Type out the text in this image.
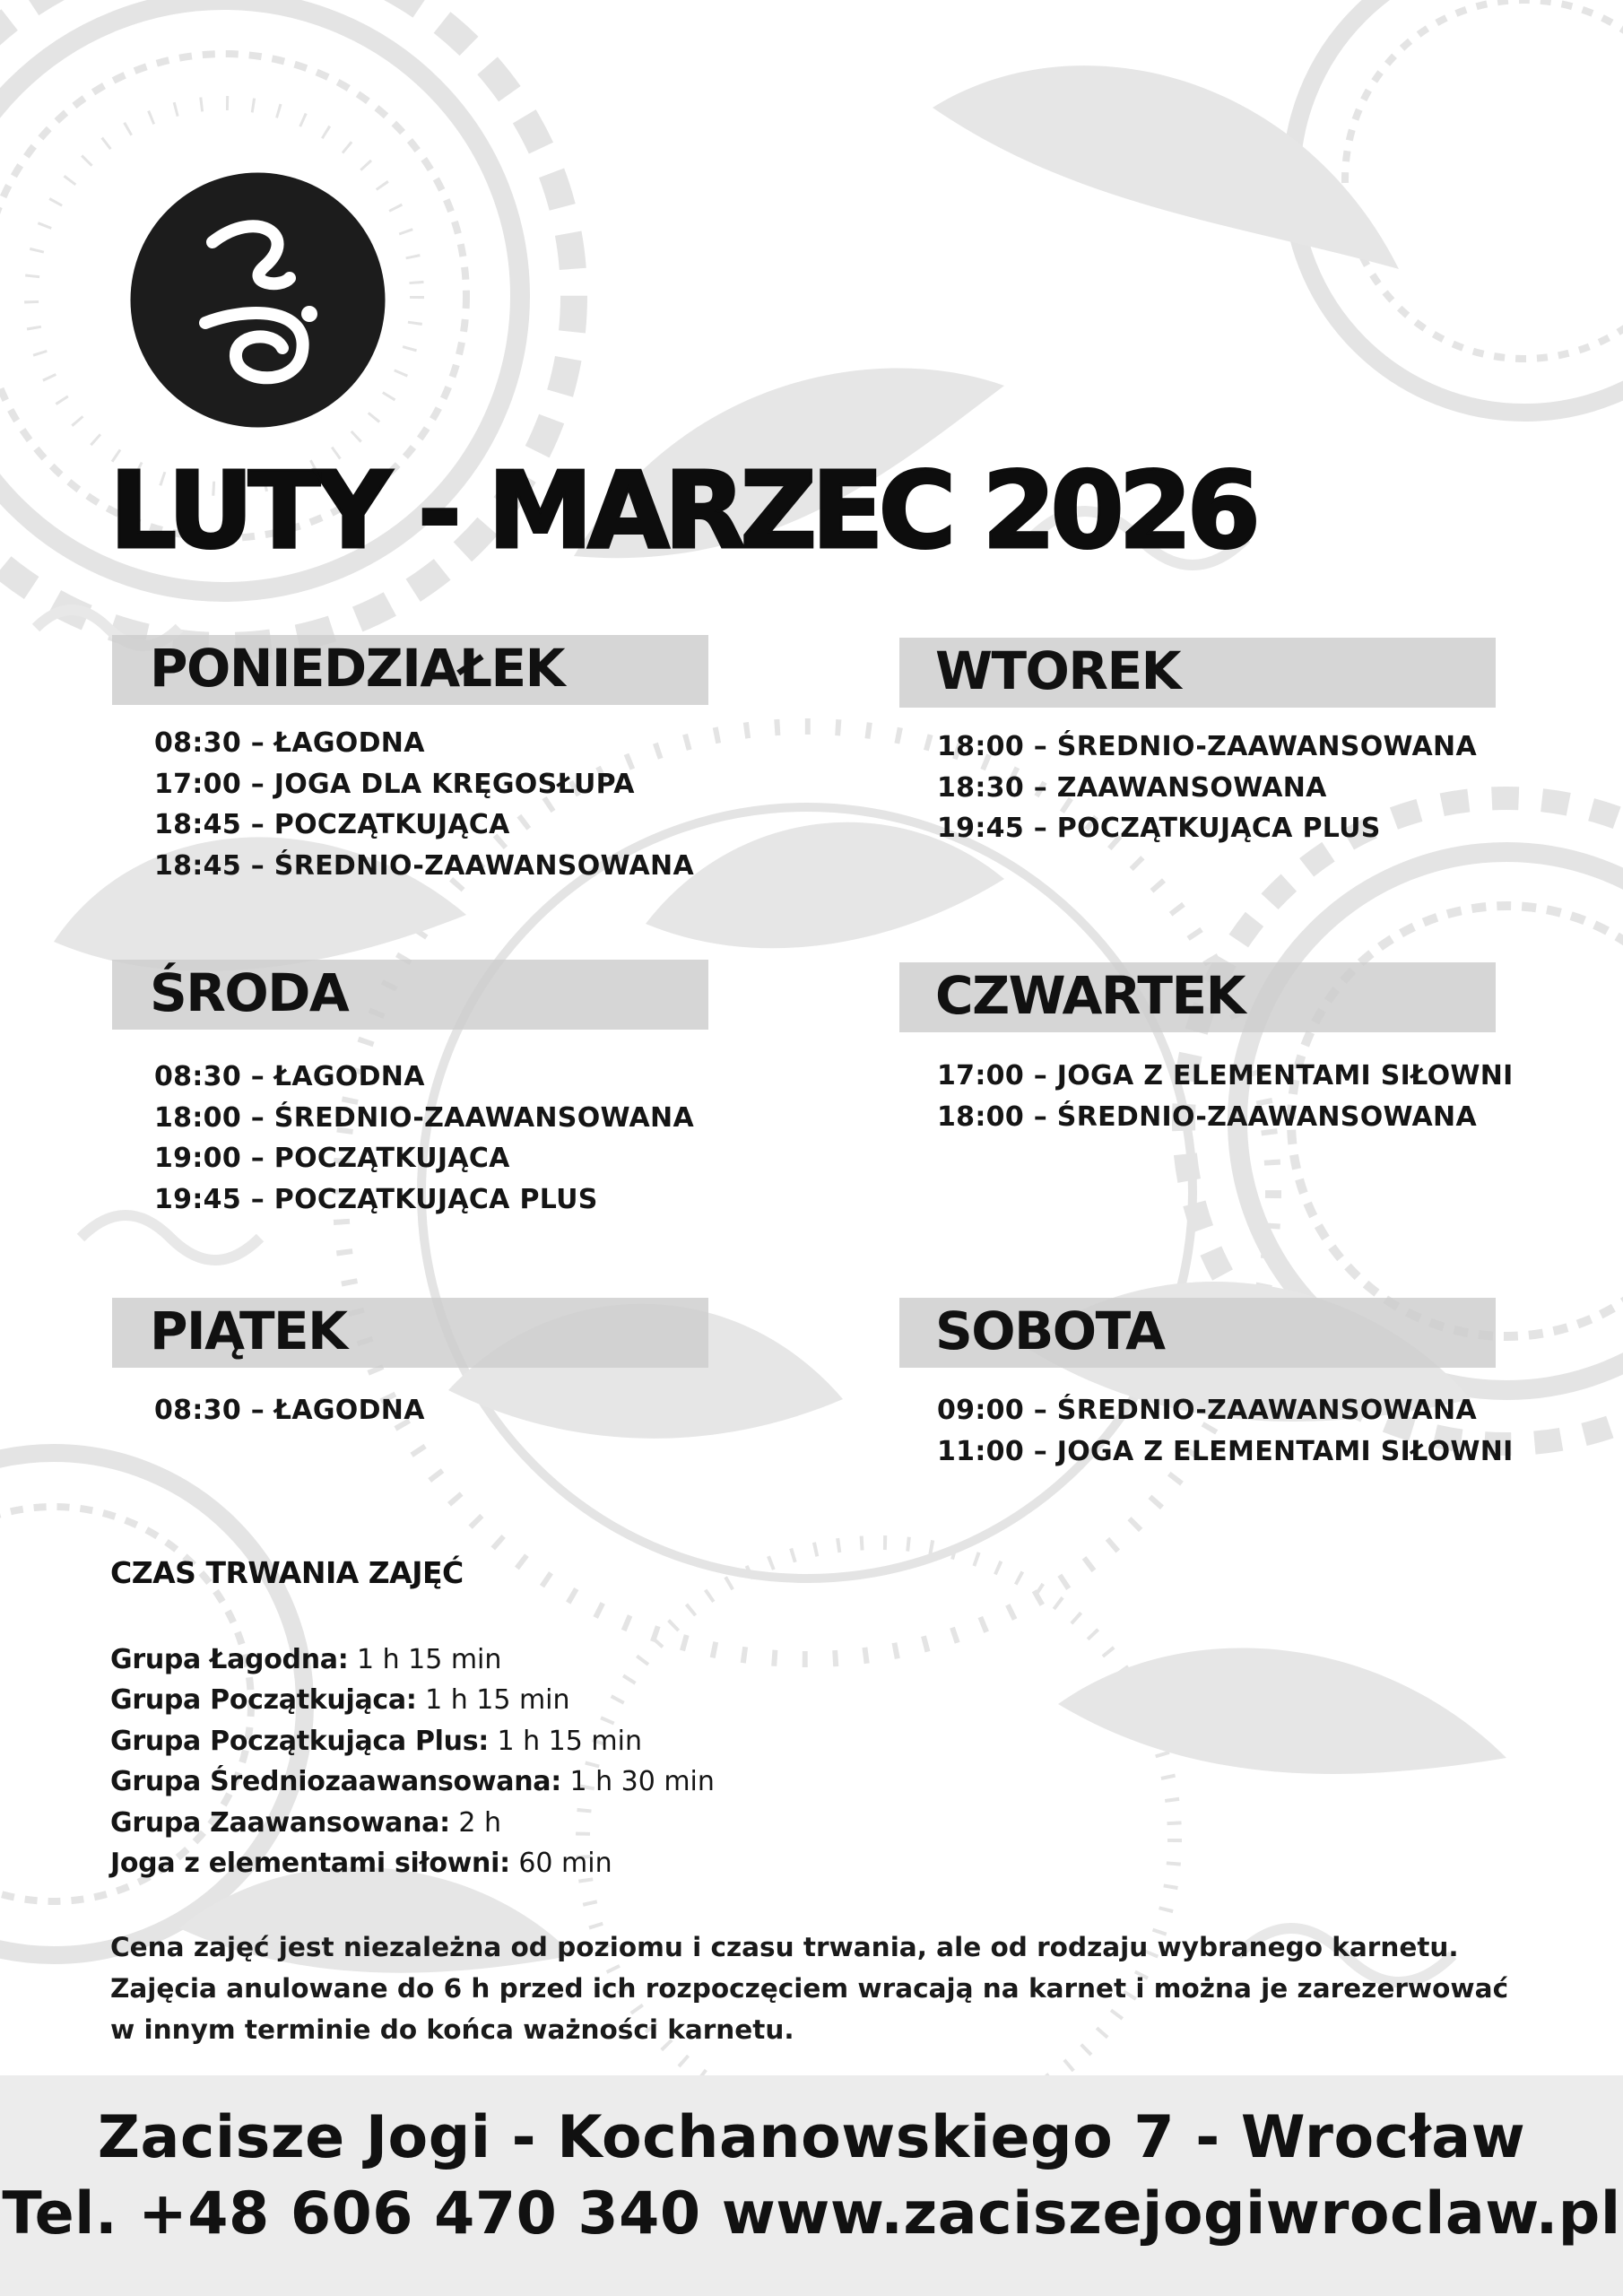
LUTY - MARZEC 2026
PONIEDZIAŁEK
08:30 – ŁAGODNA
17:00 – JOGA DLA KRĘGOSŁUPA
18:45 – POCZĄTKUJĄCA
18:45 – ŚREDNIO-ZAAWANSOWANA
WTOREK
18:00 – ŚREDNIO-ZAAWANSOWANA
18:30 – ZAAWANSOWANA
19:45 – POCZĄTKUJĄCA PLUS
ŚRODA
08:30 – ŁAGODNA
18:00 – ŚREDNIO-ZAAWANSOWANA
19:00 – POCZĄTKUJĄCA
19:45 – POCZĄTKUJĄCA PLUS
CZWARTEK
17:00 – JOGA Z ELEMENTAMI SIŁOWNI
18:00 – ŚREDNIO-ZAAWANSOWANA
PIĄTEK
08:30 – ŁAGODNA
SOBOTA
09:00 – ŚREDNIO-ZAAWANSOWANA
11:00 – JOGA Z ELEMENTAMI SIŁOWNI
CZAS TRWANIA ZAJĘĆ
Grupa Łagodna: 1 h 15 min
Grupa Początkująca: 1 h 15 min
Grupa Początkująca Plus: 1 h 15 min
Grupa Średniozaawansowana: 1 h 30 min
Grupa Zaawansowana: 2 h
Joga z elementami siłowni: 60 min

Cena zajęć jest niezależna od poziomu i czasu trwania, ale od rodzaju wybranego karnetu.

Zajęcia anulowane do 6 h przed ich rozpoczęciem wracają na karnet i można je zarezerwować

w innym terminie do końca ważności karnetu.

Zacisze Jogi - Kochanowskiego 7 - Wrocław
Tel. +48 606 470 340 www.zaciszejogiwroclaw.pl
